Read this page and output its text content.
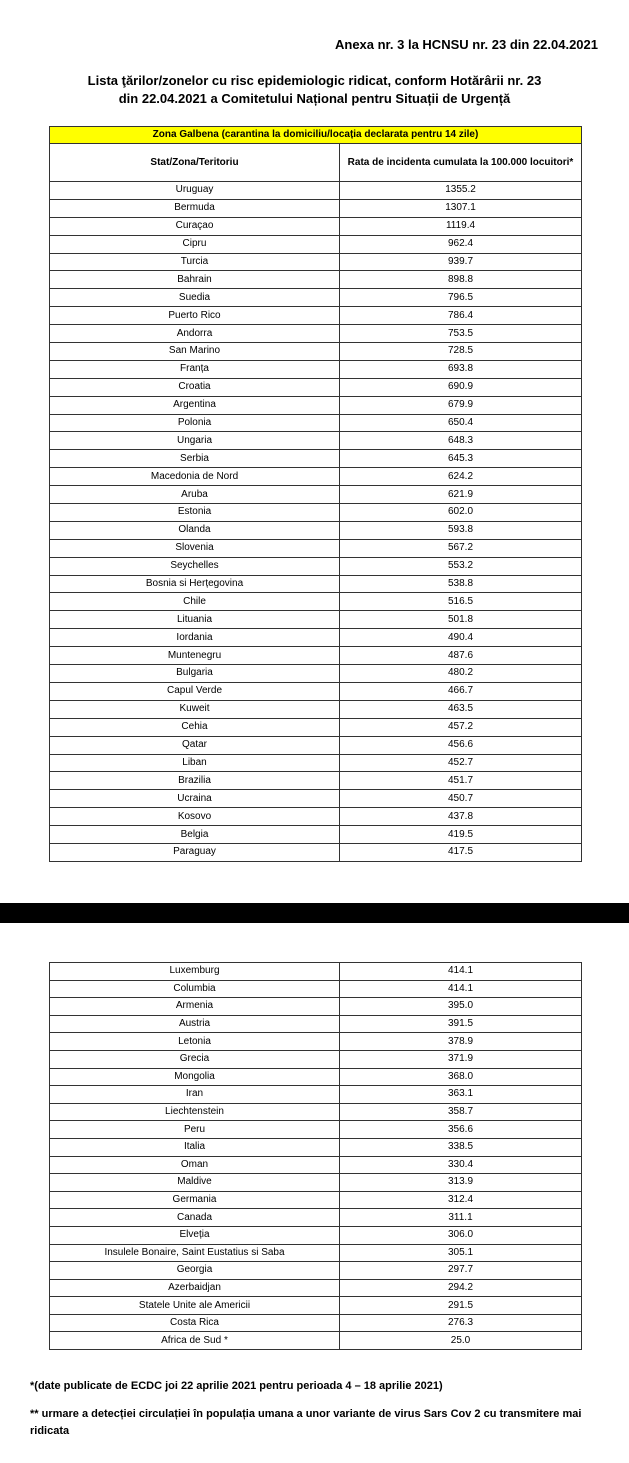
Anexa nr. 3 la HCNSU nr. 23 din 22.04.2021
Lista ţărilor/zonelor cu risc epidemiologic ridicat, conform Hotărârii nr. 23
din 22.04.2021 a Comitetului Național pentru Situații de Urgență
Zona Galbena (carantina la domiciliu/locația declarata pentru 14 zile)	
Stat/Zona/Teritoriu	Rata de incidenta cumulata la 100.000 locuitori*
Uruguay	1355.2
Bermuda	1307.1
Curaçao	1119.4
Cipru	962.4
Turcia	939.7
Bahrain	898.8
Suedia	796.5
Puerto Rico	786.4
Andorra	753.5
San Marino	728.5
Franța	693.8
Croatia	690.9
Argentina	679.9
Polonia	650.4
Ungaria	648.3
Serbia	645.3
Macedonia de Nord	624.2
Aruba	621.9
Estonia	602.0
Olanda	593.8
Slovenia	567.2
Seychelles	553.2
Bosnia si Herțegovina	538.8
Chile	516.5
Lituania	501.8
Iordania	490.4
Muntenegru	487.6
Bulgaria	480.2
Capul Verde	466.7
Kuweit	463.5
Cehia	457.2
Qatar	456.6
Liban	452.7
Brazilia	451.7
Ucraina	450.7
Kosovo	437.8
Belgia	419.5
Paraguay	417.5
Luxemburg	414.1
Columbia	414.1
Armenia	395.0
Austria	391.5
Letonia	378.9
Grecia	371.9
Mongolia	368.0
Iran	363.1
Liechtenstein	358.7
Peru	356.6
Italia	338.5
Oman	330.4
Maldive	313.9
Germania	312.4
Canada	311.1
Elveția	306.0
Insulele Bonaire, Saint Eustatius si Saba	305.1
Georgia	297.7
Azerbaidjan	294.2
Statele Unite ale Americii	291.5
Costa Rica	276.3
Africa de Sud *	25.0
*(date publicate de ECDC joi 22 aprilie 2021 pentru perioada 4 – 18 aprilie 2021)
** urmare a detecției circulației în populația umana a unor variante de virus Sars Cov 2 cu transmitere mai ridicata
